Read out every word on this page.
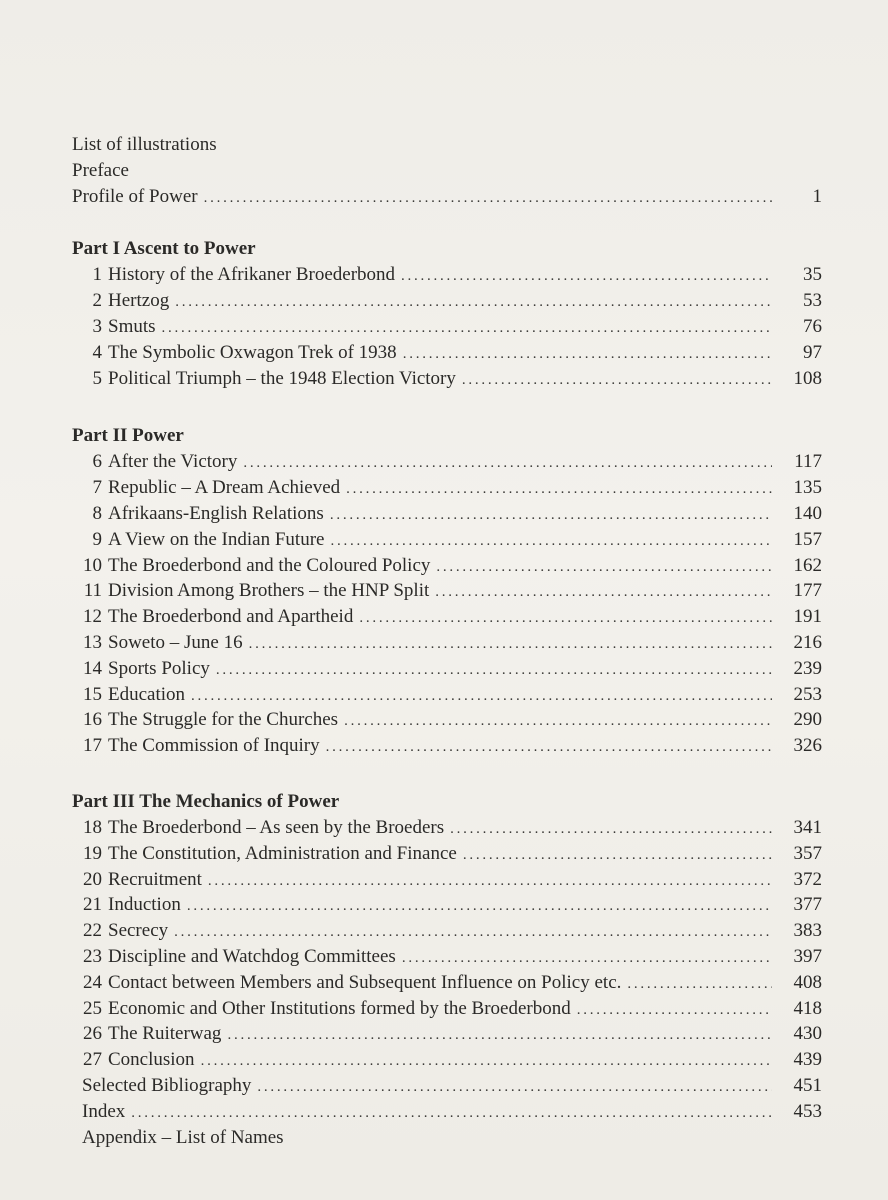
List of illustrations
Preface
Profile of Power . . .	1
Part I Ascent to Power
1 History of the Afrikaner Broederbond . . .	35
2 Hertzog . . .	53
3 Smuts . . .	76
4 The Symbolic Oxwagon Trek of 1938 . . .	97
5 Political Triumph – the 1948 Election Victory . . .	108
Part II Power
6 After the Victory . . .	117
7 Republic – A Dream Achieved . . .	135
8 Afrikaans-English Relations . . .	140
9 A View on the Indian Future . . .	157
10 The Broederbond and the Coloured Policy . . .	162
11 Division Among Brothers – the HNP Split . . .	177
12 The Broederbond and Apartheid . . .	191
13 Soweto – June 16 . . .	216
14 Sports Policy . . .	239
15 Education . . .	253
16 The Struggle for the Churches . . .	290
17 The Commission of Inquiry . . .	326
Part III The Mechanics of Power
18 The Broederbond – As seen by the Broeders . . .	341
19 The Constitution, Administration and Finance . . .	357
20 Recruitment . . .	372
21 Induction . . .	377
22 Secrecy . . .	383
23 Discipline and Watchdog Committees . . .	397
24 Contact between Members and Subsequent Influence on Policy etc. . . .	408
25 Economic and Other Institutions formed by the Broederbond . . .	418
26 The Ruiterwag . . .	430
27 Conclusion . . .	439
Selected Bibliography . . .	451
Index . . .	453
Appendix – List of Names
